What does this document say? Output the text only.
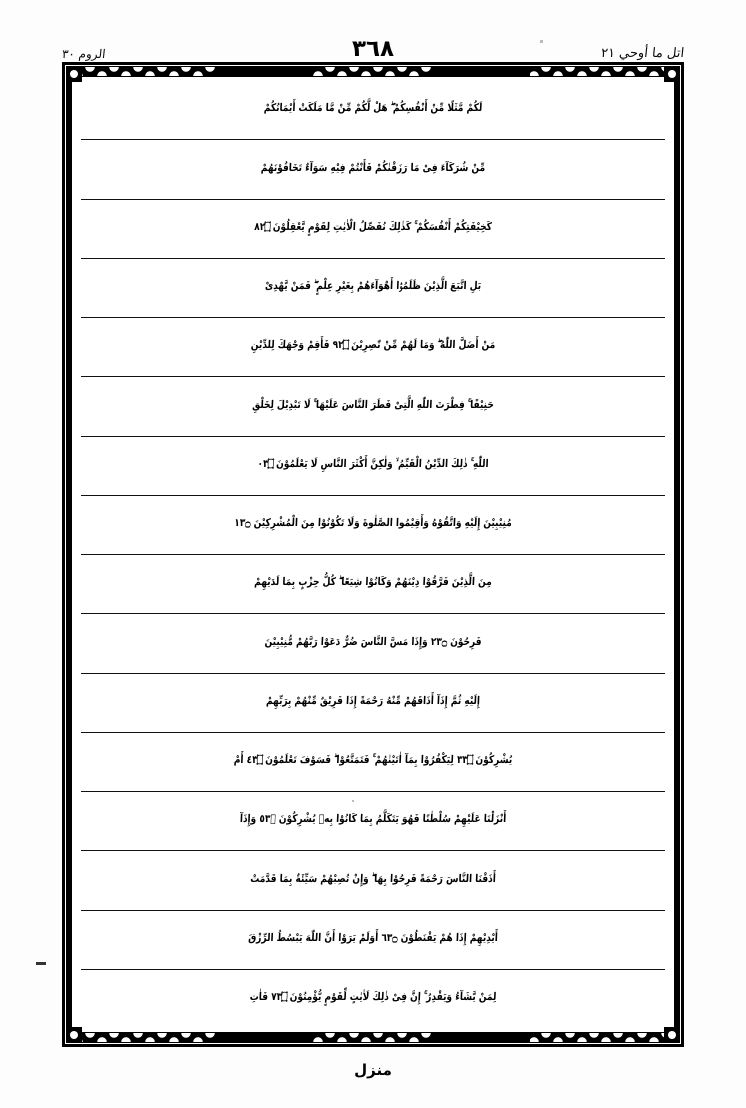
الروم ٣٠	٣٦٨	اتل ما أوحي ٢١
لَكُمْ مَّثَلًا مِّنْ أَنْفُسِكُمْ ۖ هَلْ لَّكُمْ مِّنْ مَّا مَلَكَتْ أَيْمَانُكُمْ
مِّنْ شُرَكَآءَ فِىْ مَا رَزَقْنٰكُمْ فَأَنْتُمْ فِيْهِ سَوَآءٌ تَخَافُوْنَهُمْ
كَخِيْفَتِكُمْ أَنْفُسَكُمْ ۚ كَذٰلِكَ نُفَصِّلُ الْاٰيٰتِ لِقَوْمٍ يَّعْقِلُوْنَ ۝٢٨
بَلِ اتَّبَعَ الَّذِيْنَ ظَلَمُوْۤا أَهْوَآءَهُمْ بِغَيْرِ عِلْمٍ ۖ فَمَنْ يَّهْدِىْ
مَنْ أَضَلَّ اللّٰهُ ۖ وَمَا لَهُمْ مِّنْ نّٰصِرِيْنَ ۝٢٩ فَأَقِمْ وَجْهَكَ لِلدِّيْنِ
حَنِيْفًا ۚ فِطْرَتَ اللّٰهِ الَّتِىْ فَطَرَ النَّاسَ عَلَيْهَا ۚ لَا تَبْدِيْلَ لِخَلْقِ
اللّٰهِ ۚ ذٰلِكَ الدِّيْنُ الْقَيِّمُ ۙ وَلٰكِنَّ أَكْثَرَ النَّاسِ لَا يَعْلَمُوْنَ ۝٣٠
مُنِيْبِيْنَ إِلَيْهِ وَاتَّقُوْهُ وَأَقِيْمُوا الصَّلٰوةَ وَلَا تَكُوْنُوْا مِنَ الْمُشْرِكِيْنَ ۝٣١
مِنَ الَّذِيْنَ فَرَّقُوْا دِيْنَهُمْ وَكَانُوْا شِيَعًا ۖ كُلُّ حِزْبٍ بِمَا لَدَيْهِمْ
فَرِحُوْنَ ۝٣٢ وَإِذَا مَسَّ النَّاسَ ضُرٌّ دَعَوْا رَبَّهُمْ مُّنِيْبِيْنَ
إِلَيْهِ ثُمَّ إِذَآ أَذَاقَهُمْ مِّنْهُ رَحْمَةً إِذَا فَرِيْقٌ مِّنْهُمْ بِرَبِّهِمْ
يُشْرِكُوْنَ ۝٣٣ لِيَكْفُرُوْا بِمَآ اٰتَيْنٰهُمْ ۚ فَتَمَتَّعُوْا ۖ فَسَوْفَ تَعْلَمُوْنَ ۝٣٤ أَمْ
أَنْزَلْنَا عَلَيْهِمْ سُلْطٰنًا فَهُوَ يَتَكَلَّمُ بِمَا كَانُوْا بِهٖ يُشْرِكُوْنَ ۝٣٥ وَإِذَآ
أَذَقْنَا النَّاسَ رَحْمَةً فَرِحُوْا بِهَا ۖ وَإِنْ تُصِبْهُمْ سَيِّئَةٌ بِمَا قَدَّمَتْ
أَيْدِيْهِمْ إِذَا هُمْ يَقْنَطُوْنَ ۝٣٦ أَوَلَمْ يَرَوْا أَنَّ اللّٰهَ يَبْسُطُ الرِّزْقَ
لِمَنْ يَّشَآءُ وَيَقْدِرُ ۚ إِنَّ فِىْ ذٰلِكَ لَاٰيٰتٍ لِّقَوْمٍ يُّؤْمِنُوْنَ ۝٣٧ فَاٰتِ
منزل
